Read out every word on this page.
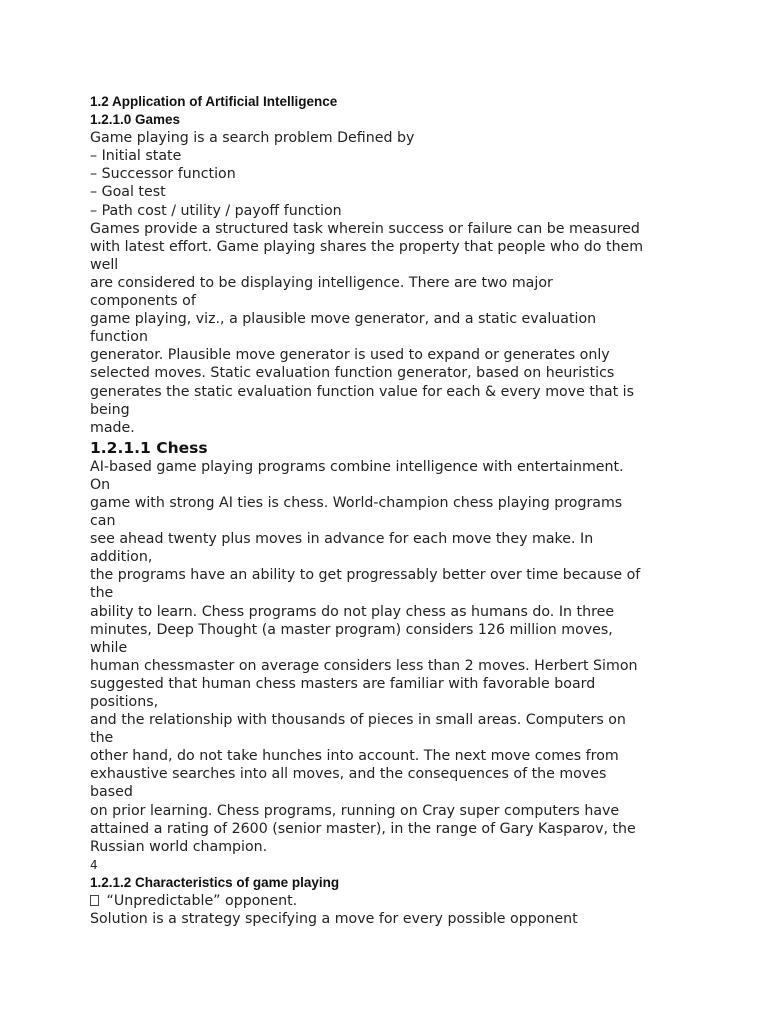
1.2 Application of Artificial Intelligence
1.2.1.0 Games
Game playing is a search problem Defined by
– Initial state
– Successor function
– Goal test
– Path cost / utility / payoff function
Games provide a structured task wherein success or failure can be measured
with latest effort. Game playing shares the property that people who do them
well
are considered to be displaying intelligence. There are two major
components of
game playing, viz., a plausible move generator, and a static evaluation
function
generator. Plausible move generator is used to expand or generates only
selected moves. Static evaluation function generator, based on heuristics
generates the static evaluation function value for each & every move that is
being
made.
1.2.1.1 Chess
AI-based game playing programs combine intelligence with entertainment.
On
game with strong AI ties is chess. World-champion chess playing programs
can
see ahead twenty plus moves in advance for each move they make. In
addition,
the programs have an ability to get progressably better over time because of
the
ability to learn. Chess programs do not play chess as humans do. In three
minutes, Deep Thought (a master program) considers 126 million moves,
while
human chessmaster on average considers less than 2 moves. Herbert Simon
suggested that human chess masters are familiar with favorable board
positions,
and the relationship with thousands of pieces in small areas. Computers on
the
other hand, do not take hunches into account. The next move comes from
exhaustive searches into all moves, and the consequences of the moves
based
on prior learning. Chess programs, running on Cray super computers have
attained a rating of 2600 (senior master), in the range of Gary Kasparov, the
Russian world champion.
4
1.2.1.2 Characteristics of game playing
“Unpredictable” opponent.
Solution is a strategy specifying a move for every possible opponent
